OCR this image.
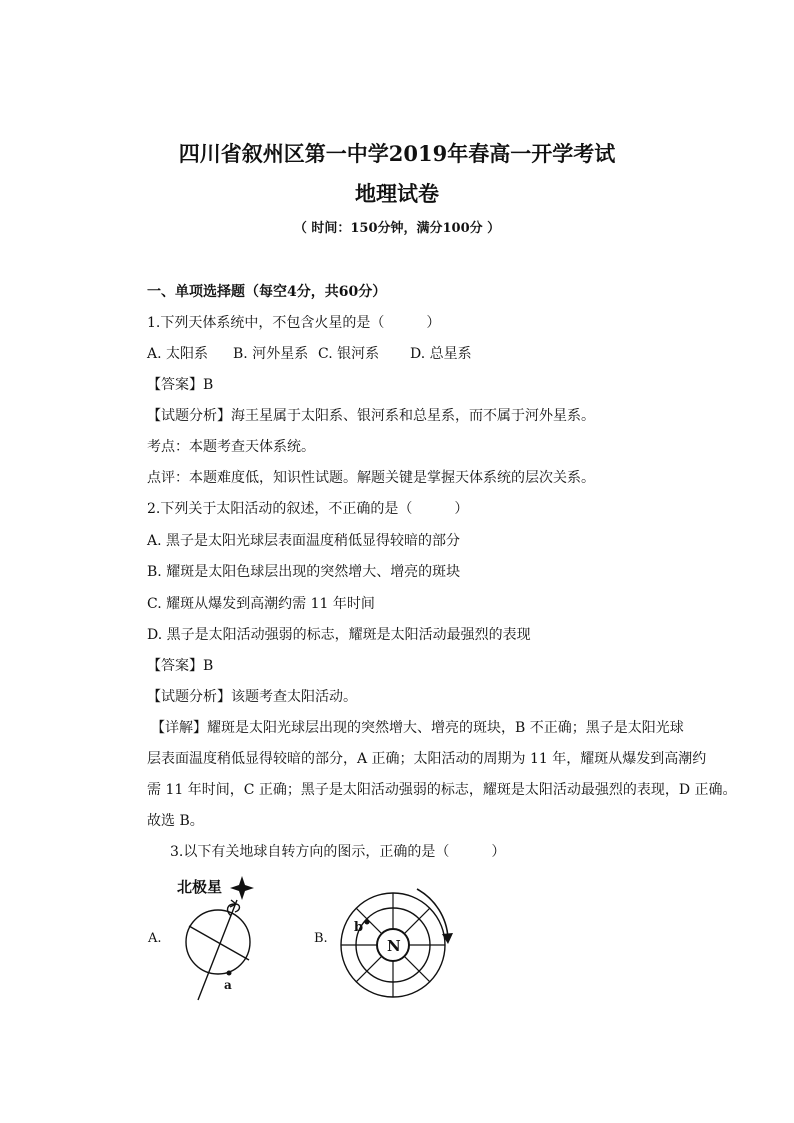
四川省叙州区第一中学2019年春高一开学考试
地理试卷
（ 时间：150分钟，满分100分 ）
一、单项选择题（每空4分，共60分）
1.下列天体系统中，不包含火星的是（　　　）
A. 太阳系 B. 河外星系 C. 银河系 D. 总星系
【答案】B
【试题分析】海王星属于太阳系、银河系和总星系，而不属于河外星系。
考点：本题考查天体系统。
点评：本题难度低，知识性试题。解题关键是掌握天体系统的层次关系。
2.下列关于太阳活动的叙述，不正确的是（　　　）
A. 黑子是太阳光球层表面温度稍低显得较暗的部分
B. 耀斑是太阳色球层出现的突然增大、增亮的斑块
C. 耀斑从爆发到高潮约需 11 年时间
D. 黑子是太阳活动强弱的标志，耀斑是太阳活动最强烈的表现
【答案】B
【试题分析】该题考查太阳活动。
【详解】耀斑是太阳光球层出现的突然增大、增亮的斑块，B 不正确；黑子是太阳光球
层表面温度稍低显得较暗的部分，A 正确；太阳活动的周期为 11 年，耀斑从爆发到高潮约
需 11 年时间，C 正确；黑子是太阳活动强弱的标志，耀斑是太阳活动最强烈的表现，D 正确。
故选 B。
3.以下有关地球自转方向的图示，正确的是（　　　）
A.
北极星
a
B.	N
b
